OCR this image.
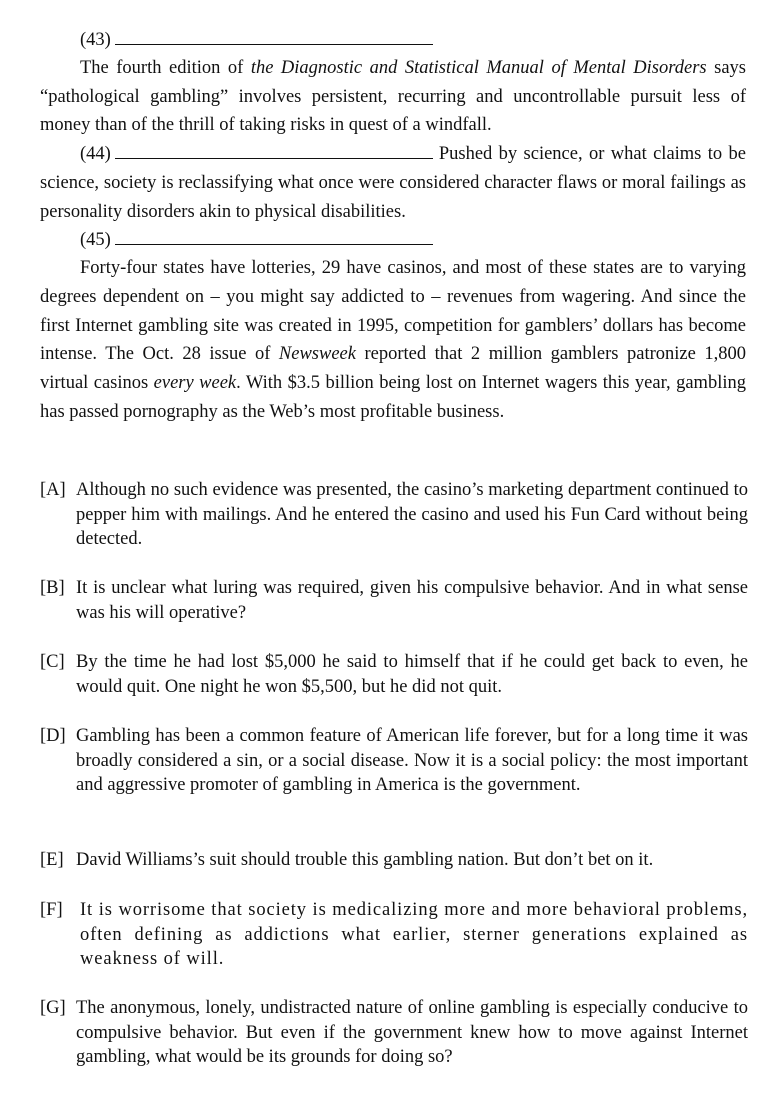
(43)

The fourth edition of the Diagnostic and Statistical Manual of Mental Disorders says “pathological gambling” involves persistent, recurring and uncontrollable pursuit less of money than of the thrill of taking risks in quest of a windfall.

(44)	Pushed by science, or what claims to be science, society is reclassifying what once were considered character flaws or moral failings as personality disorders akin to physical disabilities.

(45)

Forty-four states have lotteries, 29 have casinos, and most of these states are to varying degrees dependent on – you might say addicted to – revenues from wagering. And since the first Internet gambling site was created in 1995, competition for gamblers’ dollars has become intense. The Oct. 28 issue of Newsweek reported that 2 million gamblers patronize 1,800 virtual casinos every week. With $3.5 billion being lost on Internet wagers this year, gambling has passed pornography as the Web’s most profitable business.

[A] Although no such evidence was presented, the casino’s marketing department continued to pepper him with mailings. And he entered the casino and used his Fun Card without being detected.
[B] It is unclear what luring was required, given his compulsive behavior. And in what sense was his will operative?
[C] By the time he had lost $5,000 he said to himself that if he could get back to even, he would quit. One night he won $5,500, but he did not quit.
[D] Gambling has been a common feature of American life forever, but for a long time it was broadly considered a sin, or a social disease. Now it is a social policy: the most important and aggressive promoter of gambling in America is the government.
[E] David Williams’s suit should trouble this gambling nation. But don’t bet on it.
[F] It is worrisome that society is medicalizing more and more behavioral problems, often defining as addictions what earlier, sterner generations explained as weakness of will.
[G] The anonymous, lonely, undistracted nature of online gambling is especially conducive to compulsive behavior. But even if the government knew how to move against Internet gambling, what would be its grounds for doing so?
